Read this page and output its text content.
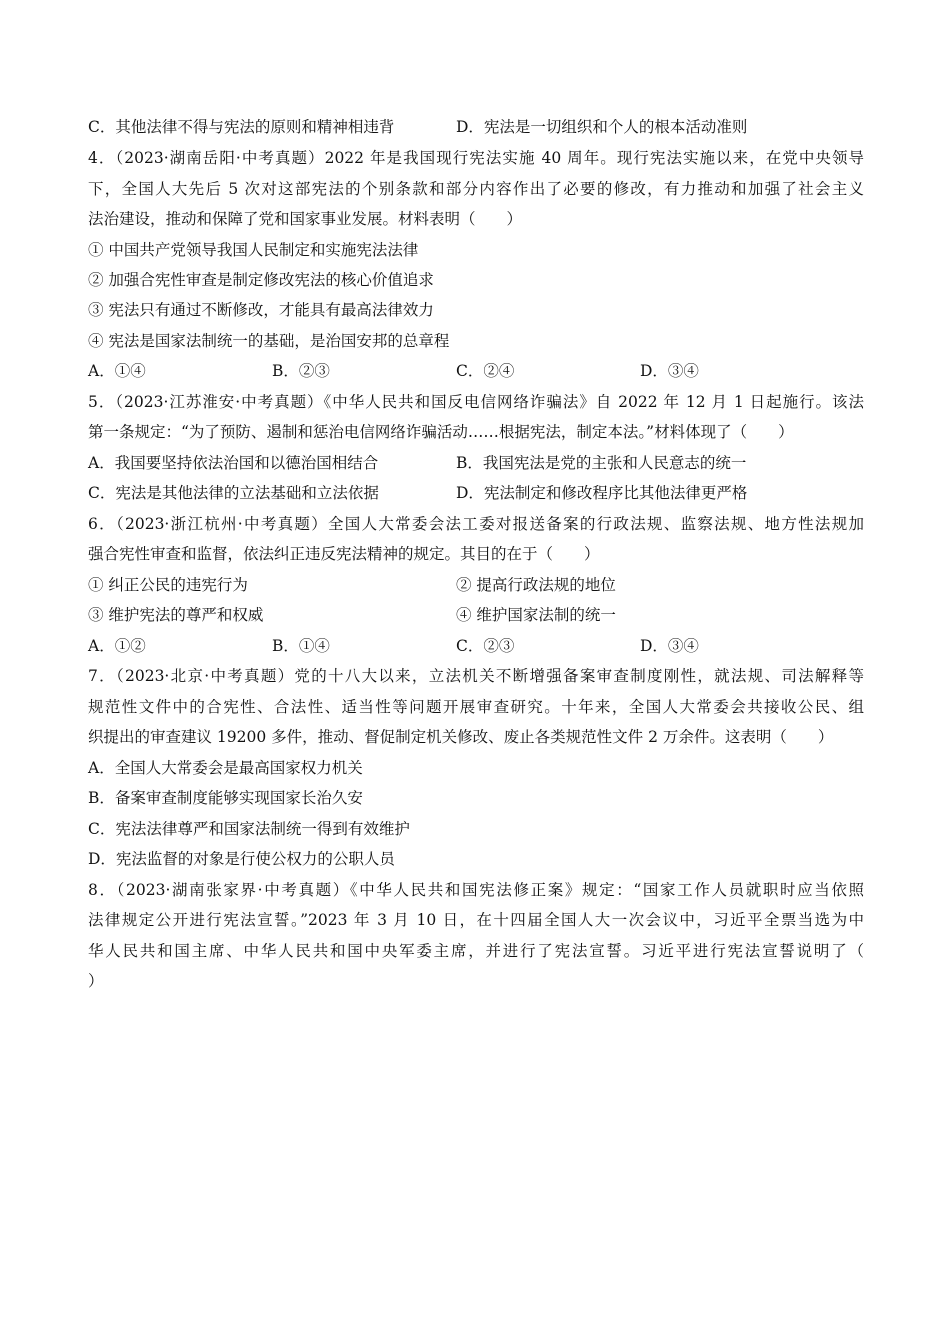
C．其他法律不得与宪法的原则和精神相违背	D．宪法是一切组织和个人的根本活动准则
4．（2023·湖南岳阳·中考真题）2022 年是我国现行宪法实施 40 周年。现行宪法实施以来，在党中央领导
下，全国人大先后 5 次对这部宪法的个别条款和部分内容作出了必要的修改，有力推动和加强了社会主义
法治建设，推动和保障了党和国家事业发展。材料表明（　　）
① 中国共产党领导我国人民制定和实施宪法法律
② 加强合宪性审查是制定修改宪法的核心价值追求
③ 宪法只有通过不断修改，才能具有最高法律效力
④ 宪法是国家法制统一的基础，是治国安邦的总章程
A．①④	B．②③	C．②④	D．③④
5．（2023·江苏淮安·中考真题）《中华人民共和国反电信网络诈骗法》自 2022 年 12 月 1 日起施行。该法
第一条规定：“为了预防、遏制和惩治电信网络诈骗活动……根据宪法，制定本法。”材料体现了（　　）
A．我国要坚持依法治国和以德治国相结合	B．我国宪法是党的主张和人民意志的统一
C．宪法是其他法律的立法基础和立法依据	D．宪法制定和修改程序比其他法律更严格
6．（2023·浙江杭州·中考真题）全国人大常委会法工委对报送备案的行政法规、监察法规、地方性法规加
强合宪性审查和监督，依法纠正违反宪法精神的规定。其目的在于（　　）
① 纠正公民的违宪行为	② 提高行政法规的地位
③ 维护宪法的尊严和权威	④ 维护国家法制的统一
A．①②	B．①④	C．②③	D．③④
7．（2023·北京·中考真题）党的十八大以来，立法机关不断增强备案审查制度刚性，就法规、司法解释等
规范性文件中的合宪性、合法性、适当性等问题开展审查研究。十年来，全国人大常委会共接收公民、组
织提出的审查建议 19200 多件，推动、督促制定机关修改、废止各类规范性文件 2 万余件。这表明（　　）
A．全国人大常委会是最高国家权力机关
B．备案审查制度能够实现国家长治久安
C．宪法法律尊严和国家法制统一得到有效维护
D．宪法监督的对象是行使公权力的公职人员
8．（2023·湖南张家界·中考真题）《中华人民共和国宪法修正案》规定：“国家工作人员就职时应当依照
法律规定公开进行宪法宣誓。”2023 年 3 月 10 日，在十四届全国人大一次会议中，习近平全票当选为中
华人民共和国主席、中华人民共和国中央军委主席，并进行了宪法宣誓。习近平进行宪法宣誓说明了（
）
